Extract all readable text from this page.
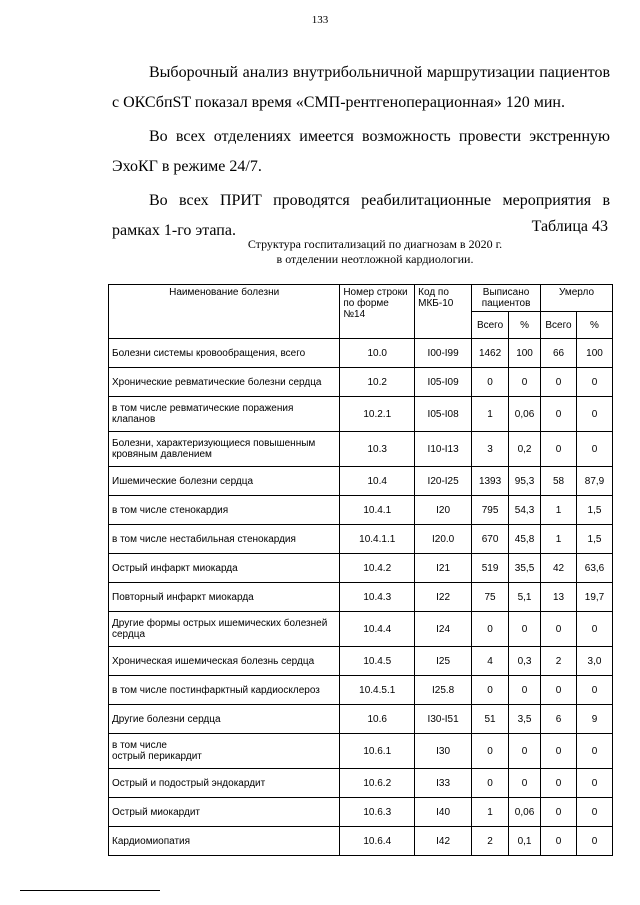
133

Выборочный анализ внутрибольничной маршрутизации пациентов с ОКСбпST показал время «СМП-рентгеноперационная» 120 мин.

Во всех отделениях имеется возможность провести экстренную ЭхоКГ в режиме 24/7.

Во всех ПРИТ проводятся реабилитационные мероприятия в рамках 1-го этапа.	Таблица 43
Структура госпитализаций по диагнозам в 2020 г.
в отделении неотложной кардиологии.
Наименование болезни	Номер строки по форме №14	Код по МКБ-10	Выписано пациентов		Умерло	
			Всего	%	Всего	%
Болезни системы кровообращения, всего	10.0	I00-I99	1462	100	66	100
Хронические ревматические болезни сердца	10.2	I05-I09	0	0	0	0
в том числе ревматические поражения клапанов	10.2.1	I05-I08	1	0,06	0	0
Болезни, характеризующиеся повышенным кровяным давлением	10.3	I10-I13	3	0,2	0	0
Ишемические болезни сердца	10.4	I20-I25	1393	95,3	58	87,9
в том числе стенокардия	10.4.1	I20	795	54,3	1	1,5
в том числе нестабильная стенокардия	10.4.1.1	I20.0	670	45,8	1	1,5
Острый инфаркт миокарда	10.4.2	I21	519	35,5	42	63,6
Повторный инфаркт миокарда	10.4.3	I22	75	5,1	13	19,7
Другие формы острых ишемических болезней сердца	10.4.4	I24	0	0	0	0
Хроническая ишемическая болезнь сердца	10.4.5	I25	4	0,3	2	3,0
в том числе постинфарктный кардиосклероз	10.4.5.1	I25.8	0	0	0	0
Другие болезни сердца	10.6	I30-I51	51	3,5	6	9
в том числе
острый перикардит	10.6.1	I30	0	0	0	0
Острый и подострый эндокардит	10.6.2	I33	0	0	0	0
Острый миокардит	10.6.3	I40	1	0,06	0	0
Кардиомиопатия	10.6.4	I42	2	0,1	0	0
